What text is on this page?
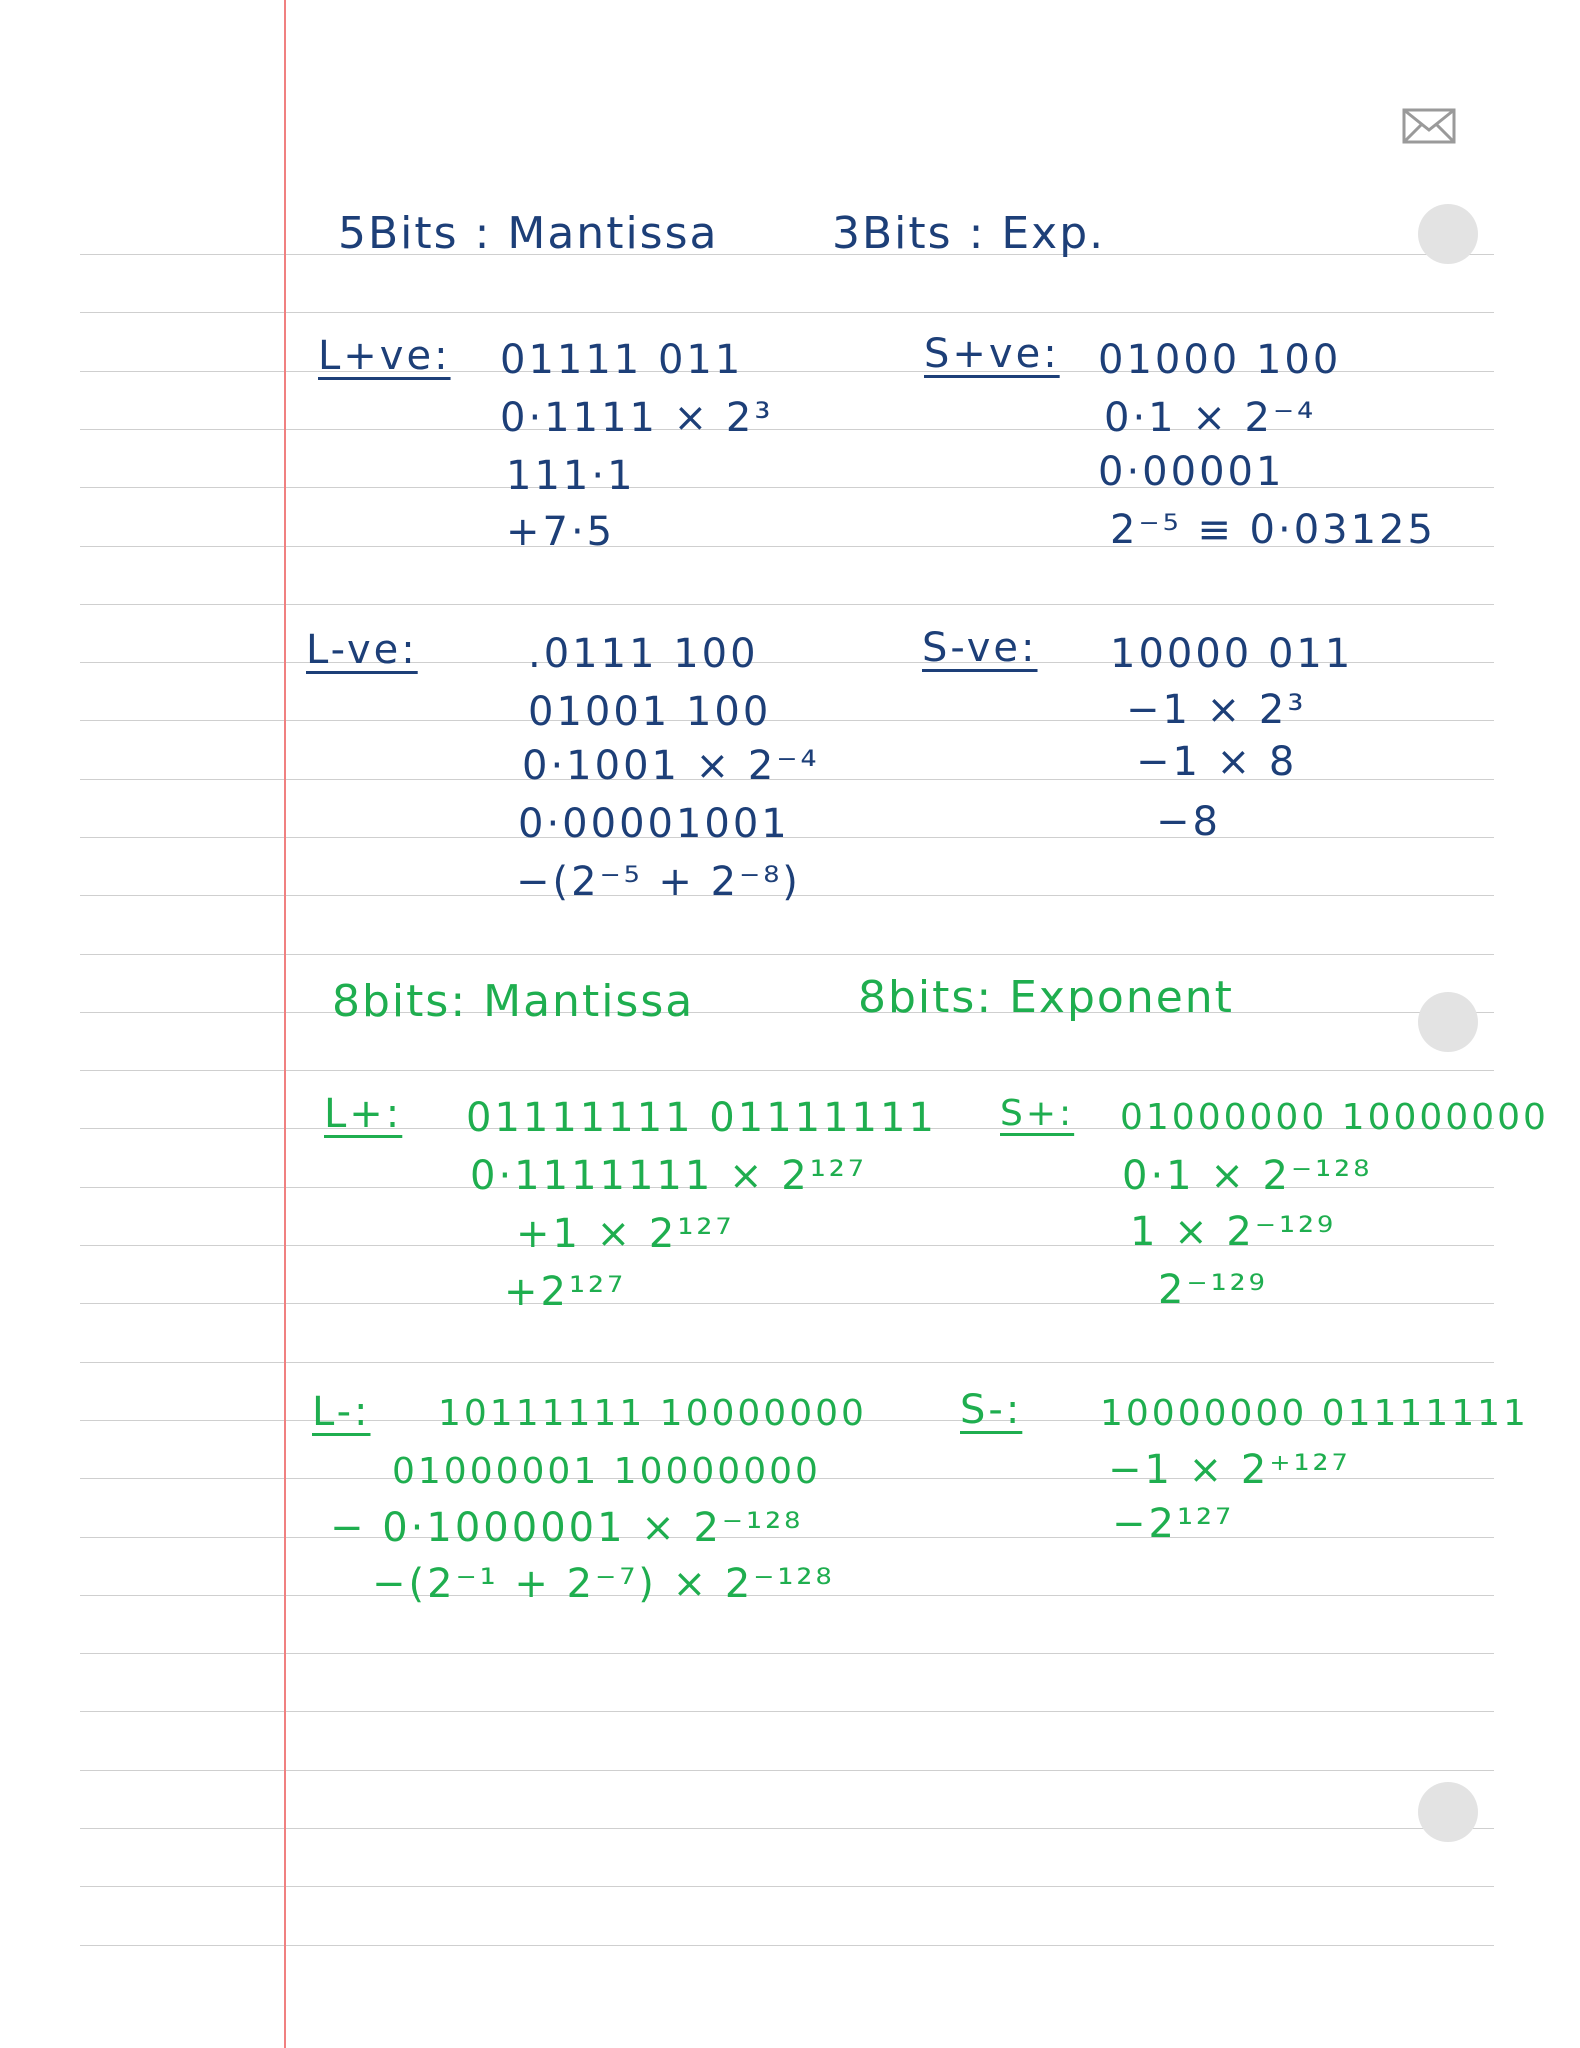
5Bits : Mantissa	3Bits : Exp.
L+ve: 01111 011
0·1111 × 2³
111·1
+7·5
S+ve: 01000 100
0·1 × 2⁻⁴
0·00001
2⁻⁵ ≡ 0·03125
L-ve:	.0111 100
01001 100
0·1001 × 2⁻⁴
0·00001001
−(2⁻⁵ + 2⁻⁸)
S-ve: 10000 011
−1 × 2³
−1 × 8
−8
8bits: Mantissa	8bits: Exponent
L+: 01111111 01111111
0·1111111 × 2¹²⁷
+1 × 2¹²⁷
+2¹²⁷
S+: 01000000 10000000
0·1 × 2⁻¹²⁸
1 × 2⁻¹²⁹
2⁻¹²⁹
L-: 10111111 10000000
01000001 10000000
− 0·1000001 × 2⁻¹²⁸
−(2⁻¹ + 2⁻⁷) × 2⁻¹²⁸
S-: 10000000 01111111
−1 × 2⁺¹²⁷
−2¹²⁷
